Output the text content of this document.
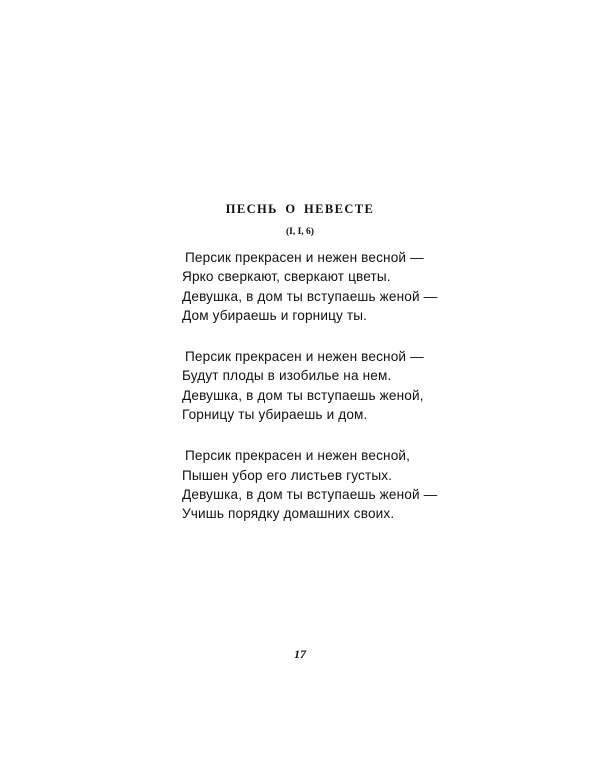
ПЕСНЬ О НЕВЕСТЕ
(I, I, 6)
Персик прекрасен и нежен весной —
Ярко сверкают, сверкают цветы.
Девушка, в дом ты вступаешь женой —
Дом убираешь и горницу ты.
Персик прекрасен и нежен весной —
Будут плоды в изобилье на нем.
Девушка, в дом ты вступаешь женой,
Горницу ты убираешь и дом.
Персик прекрасен и нежен весной,
Пышен убор его листьев густых.
Девушка, в дом ты вступаешь женой —
Учишь порядку домашних своих.
17
